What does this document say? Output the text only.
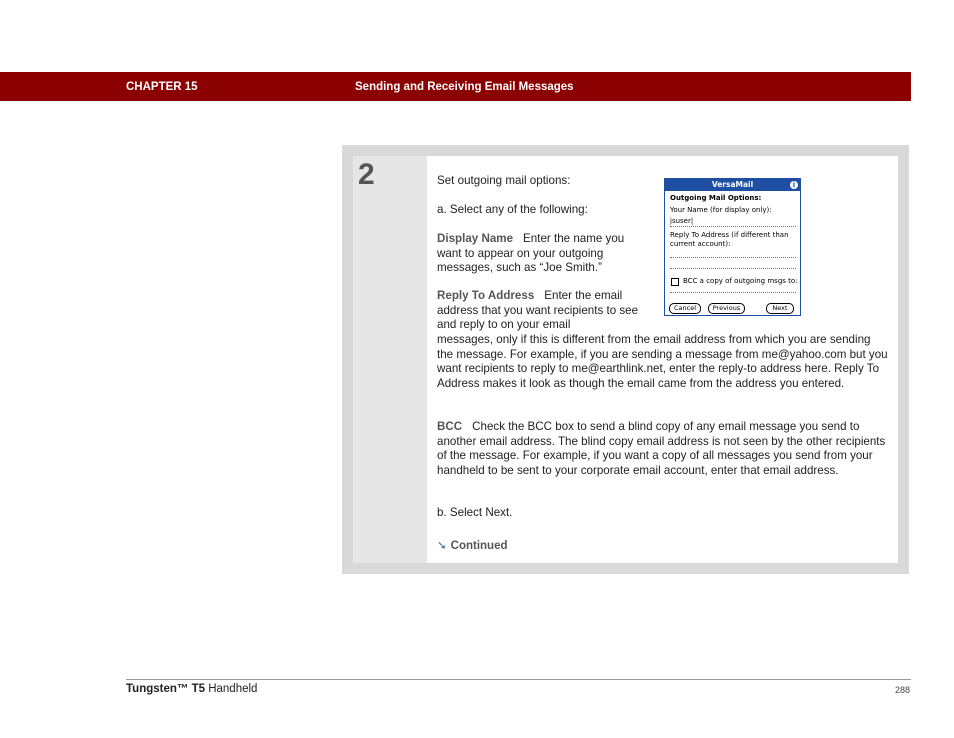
CHAPTER 15	Sending and Receiving Email Messages
2	Set outgoing mail options:
a. Select any of the following:
Display Name Enter the name you want to appear on your outgoing messages, such as “Joe Smith.”
Reply To Address Enter the email address that you want recipients to see and reply to on your email
messages, only if this is different from the email address from which you are sending the message. For example, if you are sending a message from me@yahoo.com but you want recipients to reply to me@earthlink.net, enter the reply-to address here. Reply To Address makes it look as though the email came from the address you entered.
BCC Check the BCC box to send a blind copy of any email message you send to another email address. The blind copy email address is not seen by the other recipients of the message. For example, if you want a copy of all messages you send from your handheld to be sent to your corporate email account, enter that email address.
b. Select Next.
➘ Continued
VersaMail	i
Outgoing Mail Options:
Your Name (for display only):
jsuser|
Reply To Address (if different than
current account):
BCC a copy of outgoing msgs to:
Cancel	Previous	Next
Tungsten™ T5 Handheld	288
